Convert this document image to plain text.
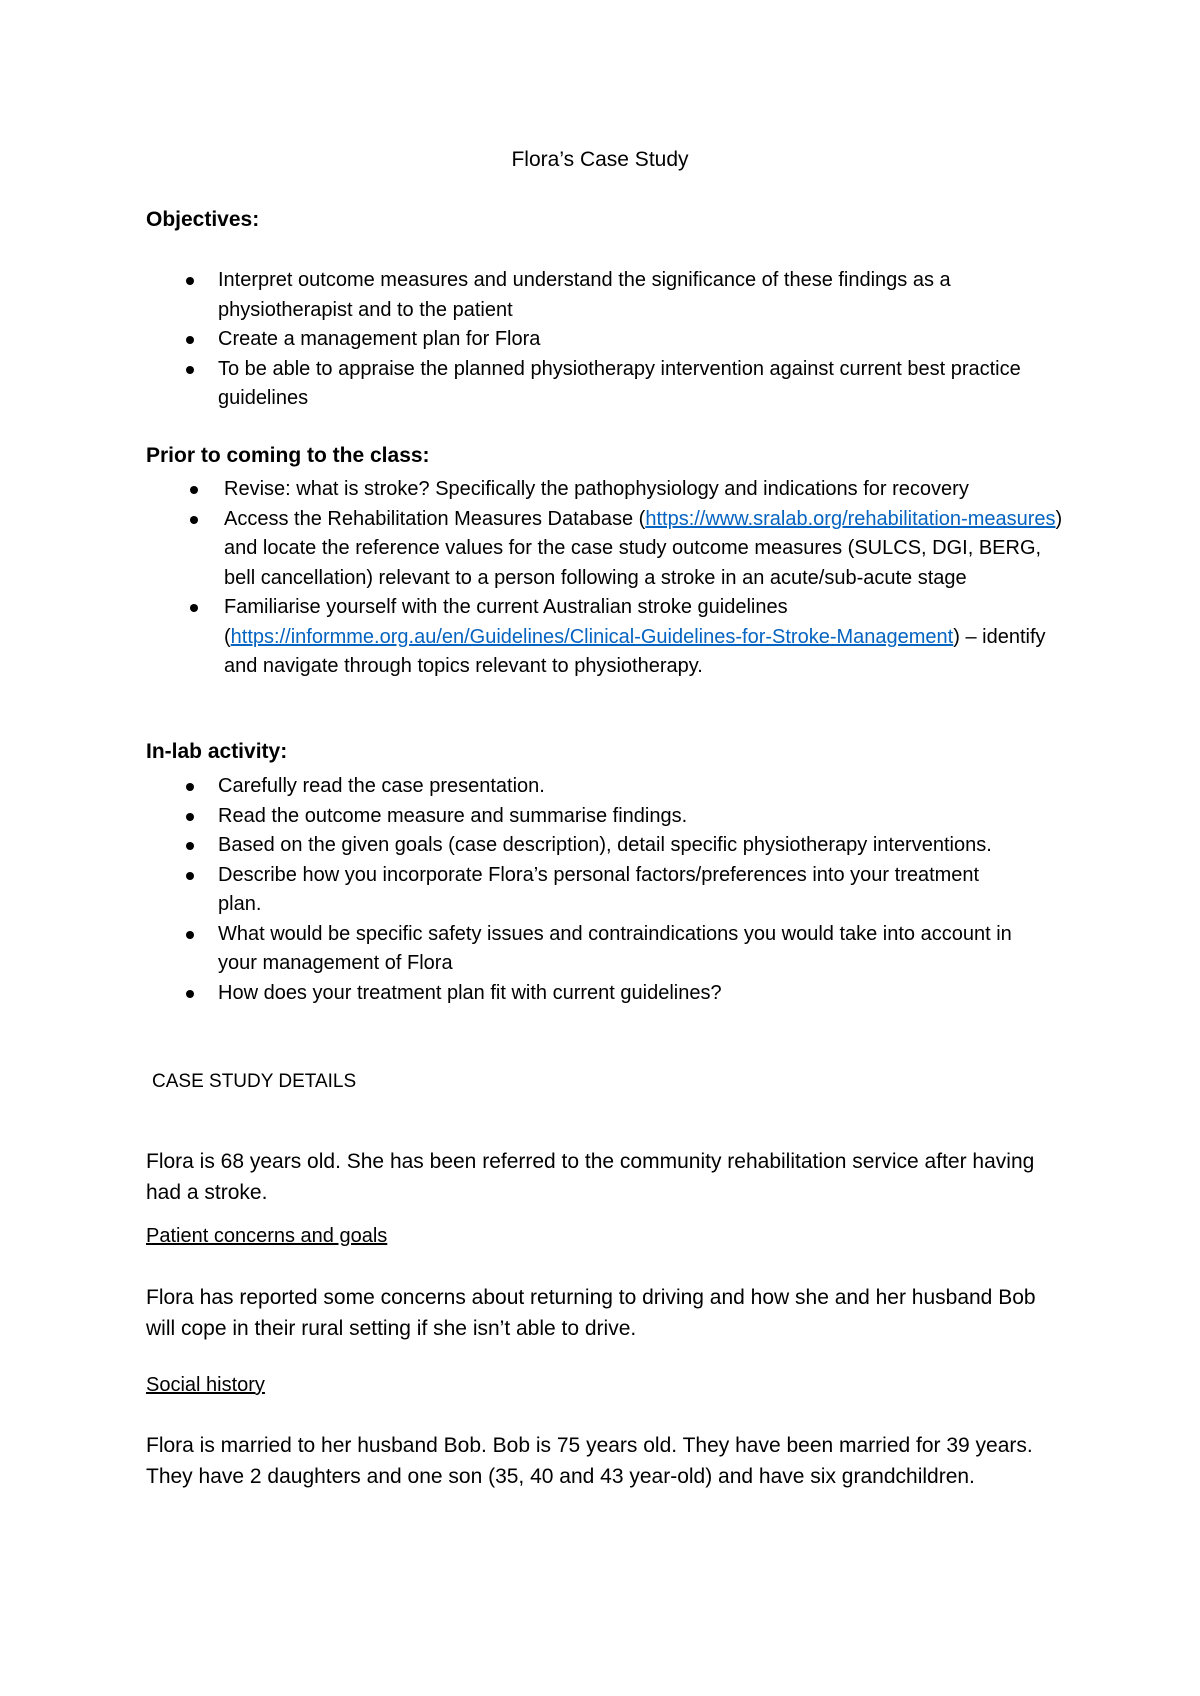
Flora’s Case Study
Objectives:
Interpret outcome measures and understand the significance of these findings as a physiotherapist and to the patient
Create a management plan for Flora
To be able to appraise the planned physiotherapy intervention against current best practice guidelines
Prior to coming to the class:
Revise: what is stroke? Specifically the pathophysiology and indications for recovery
Access the Rehabilitation Measures Database (https://www.sralab.org/rehabilitation-measures) and locate the reference values for the case study outcome measures (SULCS, DGI, BERG, bell cancellation) relevant to a person following a stroke in an acute/sub-acute stage
Familiarise yourself with the current Australian stroke guidelines (https://informme.org.au/en/Guidelines/Clinical-Guidelines-for-Stroke-Management) – identify and navigate through topics relevant to physiotherapy.
In-lab activity:
Carefully read the case presentation.
Read the outcome measure and summarise findings.
Based on the given goals (case description), detail specific physiotherapy interventions.
Describe how you incorporate Flora’s personal factors/preferences into your treatment plan.
What would be specific safety issues and contraindications you would take into account in your management of Flora
How does your treatment plan fit with current guidelines?
CASE STUDY DETAILS
Flora is 68 years old. She has been referred to the community rehabilitation service after having had a stroke.
Patient concerns and goals
Flora has reported some concerns about returning to driving and how she and her husband Bob will cope in their rural setting if she isn’t able to drive.
Social history
Flora is married to her husband Bob. Bob is 75 years old. They have been married for 39 years. They have 2 daughters and one son (35, 40 and 43 year-old) and have six grandchildren.
